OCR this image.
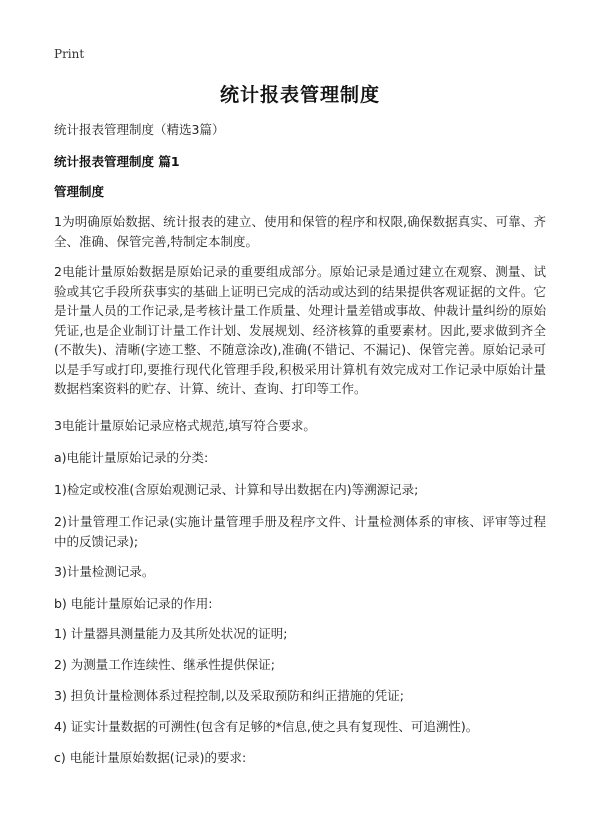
Print
统计报表管理制度
统计报表管理制度（精选3篇）
统计报表管理制度 篇1
管理制度
1为明确原始数据、统计报表的建立、使用和保管的程序和权限,确保数据真实、可靠、齐全、准确、保管完善,特制定本制度。
2电能计量原始数据是原始记录的重要组成部分。原始记录是通过建立在观察、测量、试验或其它手段所获事实的基础上证明已完成的活动或达到的结果提供客观证据的文件。它是计量人员的工作记录,是考核计量工作质量、处理计量差错或事故、仲裁计量纠纷的原始凭证,也是企业制订计量工作计划、发展规划、经济核算的重要素材。因此,要求做到齐全(不散失)、清晰(字迹工整、不随意涂改),准确(不错记、不漏记)、保管完善。原始记录可以是手写或打印,要推行现代化管理手段,积极采用计算机有效完成对工作记录中原始计量数据档案资料的贮存、计算、统计、查询、打印等工作。
3电能计量原始记录应格式规范,填写符合要求。
a)电能计量原始记录的分类:
1)检定或校准(含原始观测记录、计算和导出数据在内)等溯源记录;
2)计量管理工作记录(实施计量管理手册及程序文件、计量检测体系的审核、评审等过程中的反馈记录);
3)计量检测记录。
b) 电能计量原始记录的作用:
1) 计量器具测量能力及其所处状况的证明;
2) 为测量工作连续性、继承性提供保证;
3) 担负计量检测体系过程控制,以及采取预防和纠正措施的凭证;
4) 证实计量数据的可溯性(包含有足够的*信息,使之具有复现性、可追溯性)。
c) 电能计量原始数据(记录)的要求:
